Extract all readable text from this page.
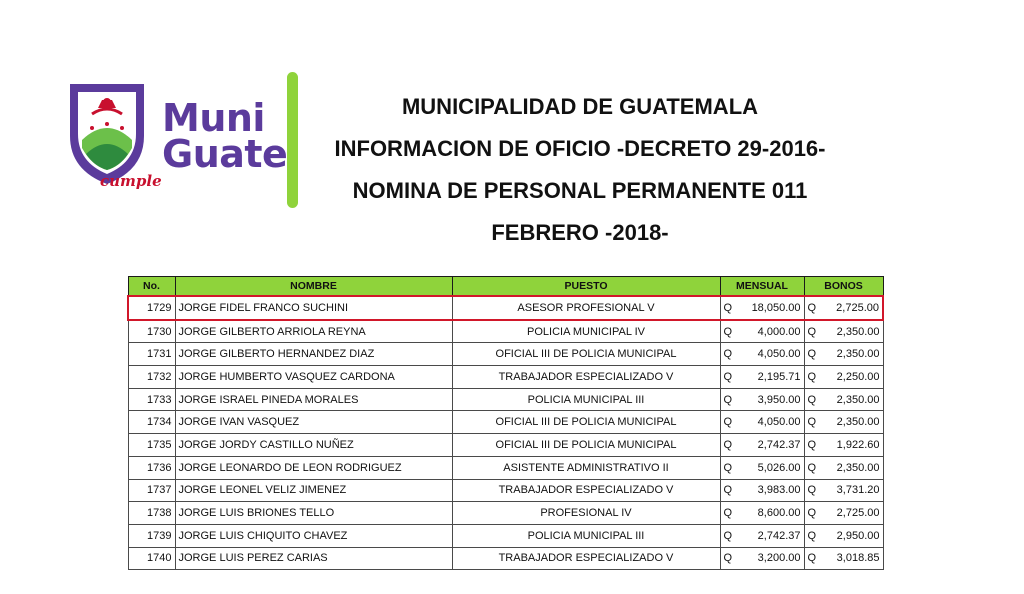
Muni
Guate
cumple
MUNICIPALIDAD DE GUATEMALA
INFORMACION DE OFICIO -DECRETO 29-2016-
NOMINA DE PERSONAL PERMANENTE 011
FEBRERO -2018-
No.	NOMBRE	PUESTO	MENSUAL	BONOS
1729	JORGE FIDEL FRANCO SUCHINI	ASESOR PROFESIONAL V	Q 18,050.00	Q 2,725.00

1730	JORGE GILBERTO ARRIOLA REYNA	POLICIA MUNICIPAL IV	Q 4,000.00	Q 2,350.00

1731	JORGE GILBERTO HERNANDEZ DIAZ	OFICIAL III DE POLICIA MUNICIPAL	Q 4,050.00	Q 2,350.00

1732	JORGE HUMBERTO VASQUEZ CARDONA	TRABAJADOR ESPECIALIZADO V	Q 2,195.71	Q 2,250.00

1733	JORGE ISRAEL PINEDA MORALES	POLICIA MUNICIPAL III	Q 3,950.00	Q 2,350.00

1734	JORGE IVAN VASQUEZ	OFICIAL III DE POLICIA MUNICIPAL	Q 4,050.00	Q 2,350.00

1735	JORGE JORDY CASTILLO NUÑEZ	OFICIAL III DE POLICIA MUNICIPAL	Q 2,742.37	Q 1,922.60

1736	JORGE LEONARDO DE LEON RODRIGUEZ	ASISTENTE ADMINISTRATIVO II	Q 5,026.00	Q 2,350.00

1737	JORGE LEONEL VELIZ JIMENEZ	TRABAJADOR ESPECIALIZADO V	Q 3,983.00	Q 3,731.20

1738	JORGE LUIS BRIONES TELLO	PROFESIONAL IV	Q 8,600.00	Q 2,725.00

1739	JORGE LUIS CHIQUITO CHAVEZ	POLICIA MUNICIPAL III	Q 2,742.37	Q 2,950.00

1740	JORGE LUIS PEREZ CARIAS	TRABAJADOR ESPECIALIZADO V	Q 3,200.00	Q 3,018.85
